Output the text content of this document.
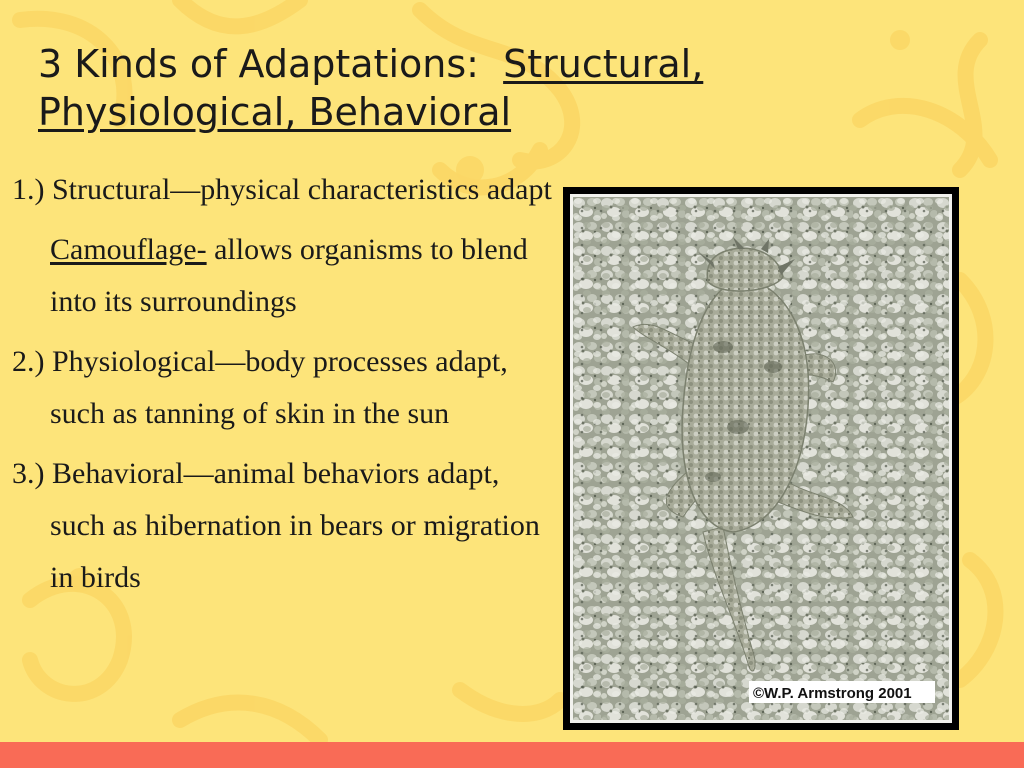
3 Kinds of Adaptations: Structural,
Physiological, Behavioral

1.) Structural—physical characteristics adapt

Camouflage- allows organisms to blend into its surroundings

2.) Physiological—body processes adapt, such as tanning of skin in the sun

3.) Behavioral—animal behaviors adapt, such as hibernation in bears or migration in birds

©W.P. Armstrong 2001
